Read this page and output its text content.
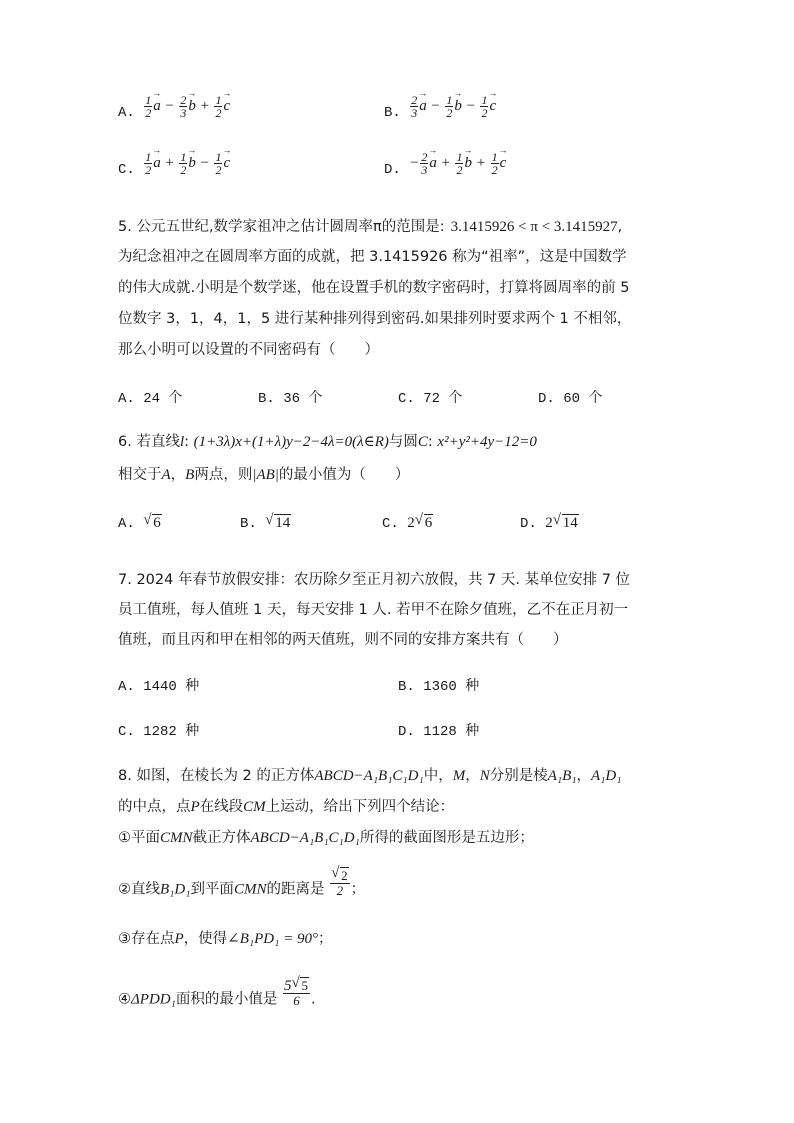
A. $\frac{1}{2}$
→ $a - \frac{2}{3}$
→ $b + \frac{1}{2}$
→ c	B. $\frac{2}{3}$
→ $a - \frac{1}{2}$
→ $b - \frac{1}{2}$
→ c
C. $\frac{1}{2}$
→ $a + \frac{1}{2}$
→ $b - \frac{1}{2}$
→ c	D. − $\frac{2}{3}$
→ $a + \frac{1}{2}$
→ $b + \frac{1}{2}$
→ c
5. 公元五世纪,数学家祖冲之估计圆周率π的范围是: 3.1415926 < π < 3.1415927,
为纪念祖冲之在圆周率方面的成就，把 3.1415926 称为“祖率”，这是中国数学
的伟大成就.小明是个数学迷，他在设置手机的数字密码时，打算将圆周率的前 5
位数字 3，1，4，1，5 进行某种排列得到密码.如果排列时要求两个 1 不相邻，
那么小明可以设置的不同密码有（　　）
A. 24 个	B. 36 个	C. 72 个	D. 60 个
6. 若直线l: (1+3λ)x+(1+λ)y−2−4λ=0(λ∈R)与圆C: x²+y²+4y−12=0
相交于A，B两点，则|AB|的最小值为（　　）
A. √ 6	B. √ 14	C. 2√ 6	D. 2√ 14
7. 2024 年春节放假安排：农历除夕至正月初六放假，共 7 天. 某单位安排 7 位
员工值班，每人值班 1 天，每天安排 1 人. 若甲不在除夕值班，乙不在正月初一
值班，而且丙和甲在相邻的两天值班，则不同的安排方案共有（　　）
A. 1440 种	B. 1360 种
C. 1282 种	D. 1128 种
8. 如图，在棱长为 2 的正方体ABCD−A₁B₁C₁D₁中，M，N分别是棱A₁B₁，A₁D₁
的中点，点P在线段CM上运动，给出下列四个结论：
①平面CMN截正方体ABCD−A₁B₁C₁D₁所得的截面图形是五边形；
②直线B₁D₁到平面CMN的距离是
√ $\frac{2}{2}$ ；
③存在点P，使得∠B₁PD₁ = 90°；
④ΔPDD₁面积的最小值是 $\frac{5√ 5}{6}$ .
